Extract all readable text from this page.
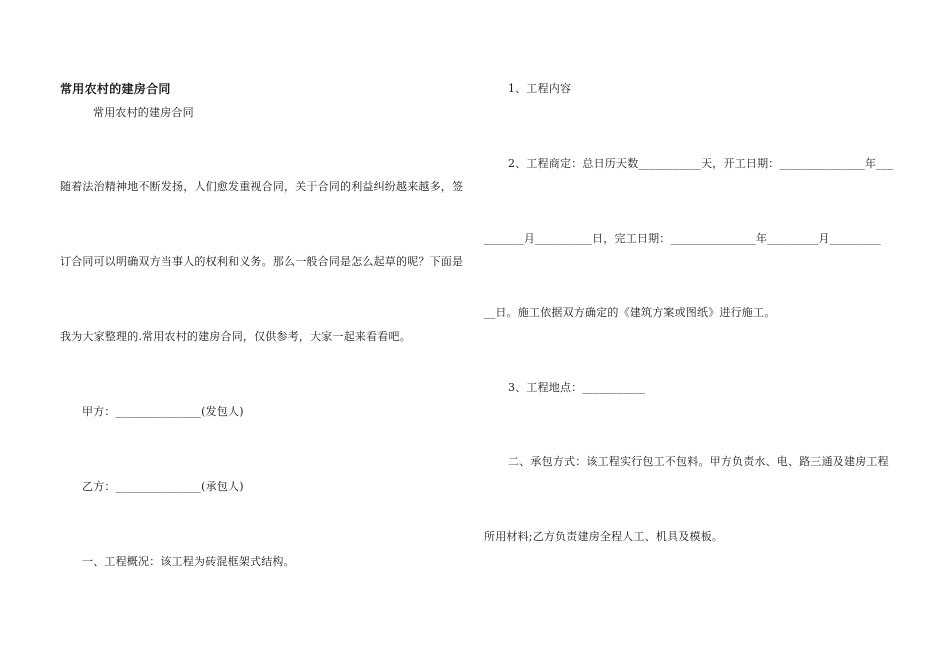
常用农村的建房合同
常用农村的建房合同
随着法治精神地不断发扬，人们愈发重视合同，关于合同的利益纠纷越来越多，签
订合同可以明确双方当事人的权利和义务。那么一般合同是怎么起草的呢？下面是
我为大家整理的.常用农村的建房合同，仅供参考，大家一起来看看吧。
甲方：_______________(发包人)
乙方：_______________(承包人)
一、工程概况：该工程为砖混框架式结构。
1、工程内容
2、工程商定：总日历天数___________天，开工日期：_______________年___
_______月__________日，完工日期：_______________年_________月_________
__日。施工依据双方确定的《建筑方案或图纸》进行施工。
3、工程地点：___________
二、承包方式：该工程实行包工不包料。甲方负责水、电、路三通及建房工程
所用材料;乙方负责建房全程人工、机具及模板。
